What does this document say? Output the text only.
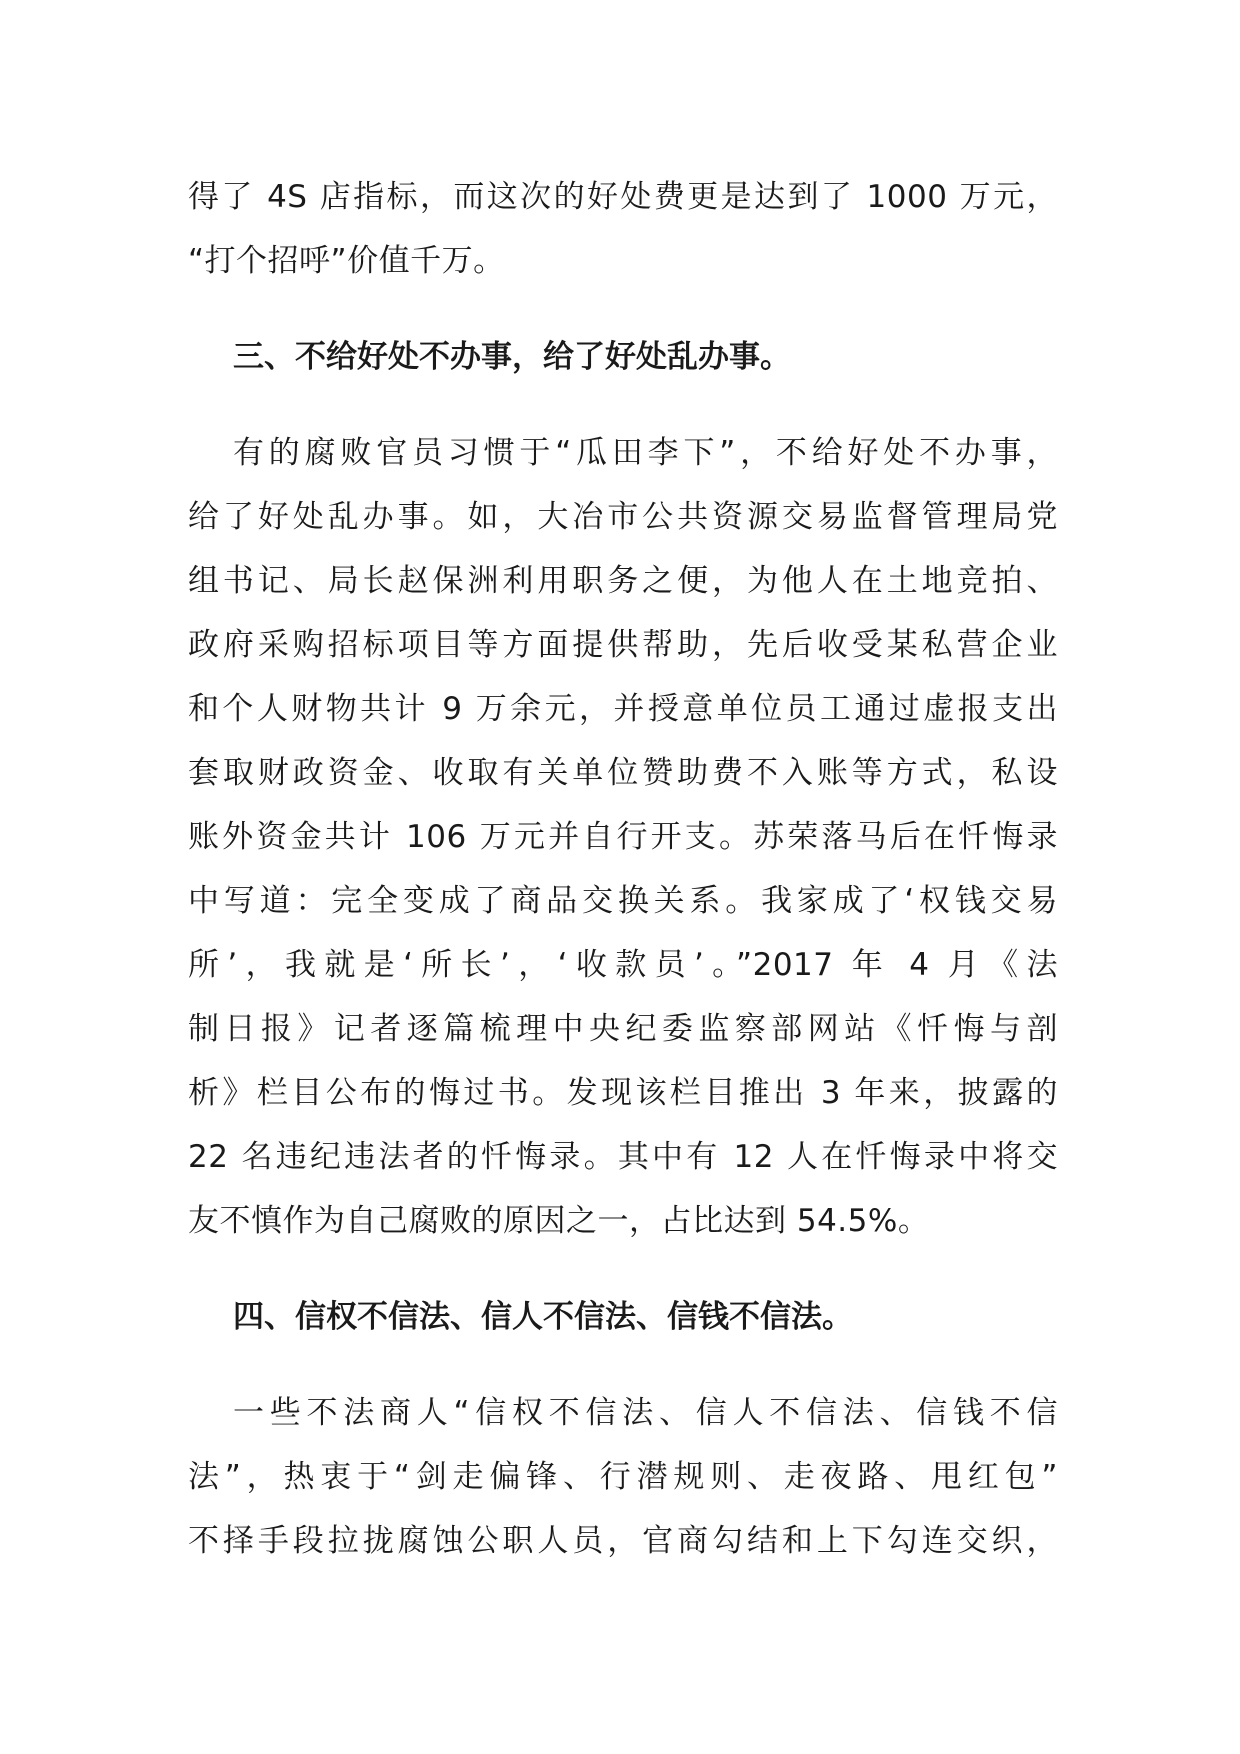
得了 4S 店指标，而这次的好处费更是达到了 1000 万元，
“打个招呼”价值千万。
三、不给好处不办事，给了好处乱办事。
有的腐败官员习惯于“瓜田李下”，不给好处不办事，
给了好处乱办事。如，大冶市公共资源交易监督管理局党
组书记、局长赵保洲利用职务之便，为他人在土地竞拍、
政府采购招标项目等方面提供帮助，先后收受某私营企业
和个人财物共计 9 万余元，并授意单位员工通过虚报支出
套取财政资金、收取有关单位赞助费不入账等方式，私设
账外资金共计 106 万元并自行开支。苏荣落马后在忏悔录
中写道：完全变成了商品交换关系。我家成了‘权钱交易
所’，我就是‘所长’，‘收款员’。”2017 年 4 月《法
制日报》记者逐篇梳理中央纪委监察部网站《忏悔与剖
析》栏目公布的悔过书。发现该栏目推出 3 年来，披露的
22 名违纪违法者的忏悔录。其中有 12 人在忏悔录中将交
友不慎作为自己腐败的原因之一，占比达到 54.5%。
四、信权不信法、信人不信法、信钱不信法。
一些不法商人“信权不信法、信人不信法、信钱不信
法”，热衷于“剑走偏锋、行潜规则、走夜路、甩红包”
不择手段拉拢腐蚀公职人员，官商勾结和上下勾连交织，
